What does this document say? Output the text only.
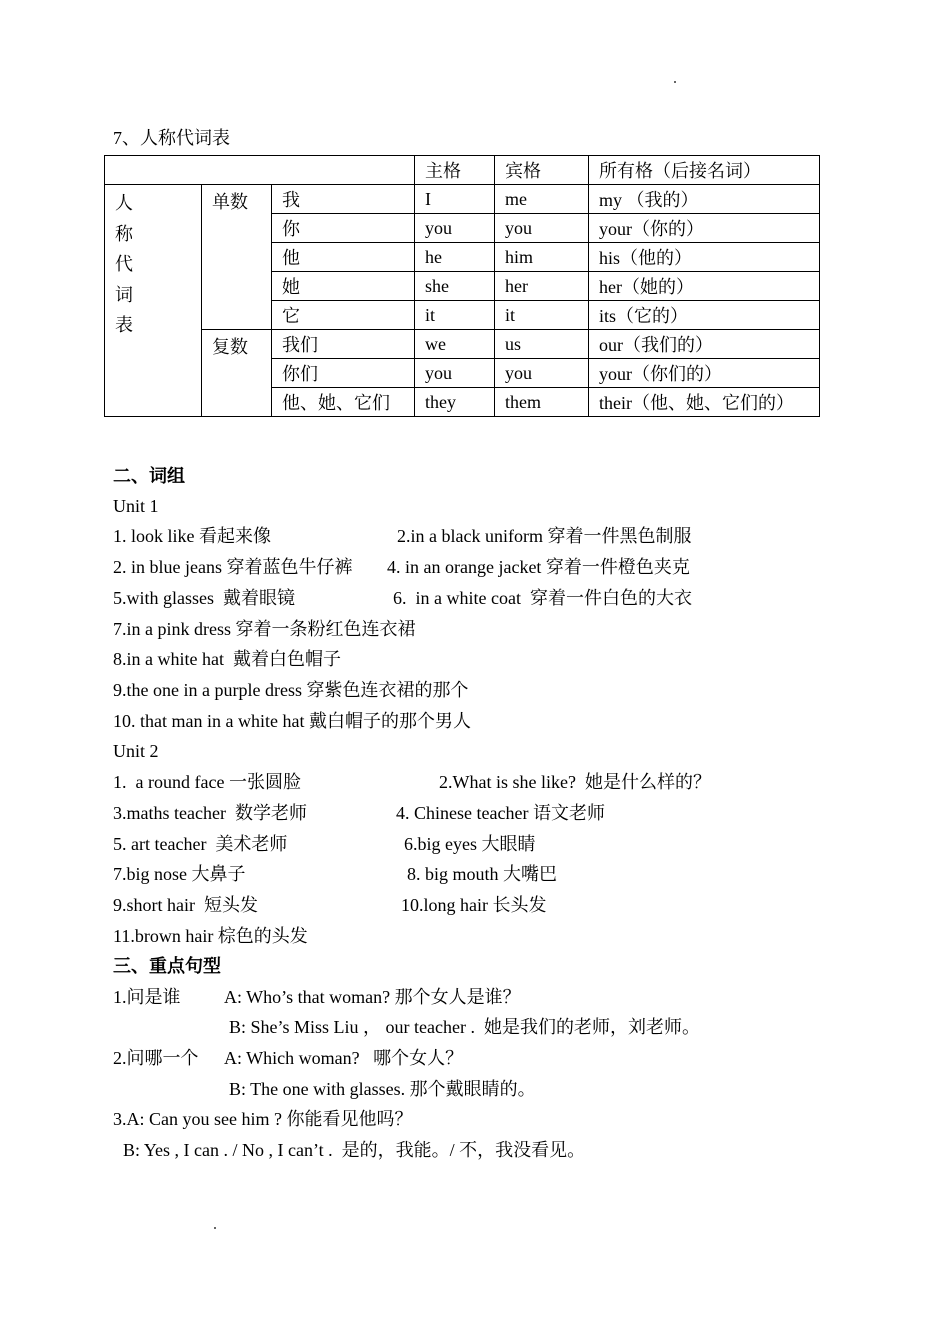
7、人称代词表
			主格	宾格	所有格（后接名词）

人
称
代
词
表	单数	我	I	me	my （我的）
		你	you	you	your（你的）
		他	he	him	his（他的）
		她	she	her	her（她的）
		它	it	it	its（它的）
	复数	我们	we	us	our（我们的）
		你们	you	you	your（你们的）
		他、她、它们	they	them	their（他、她、它们的）
二、词组
Unit 1
1. look like 看起来像	2.in a black uniform 穿着一件黑色制服
2. in blue jeans 穿着蓝色牛仔裤 4. in an orange jacket 穿着一件橙色夹克
5.with glasses  戴着眼镜	6.  in a white coat  穿着一件白色的大衣
7.in a pink dress 穿着一条粉红色连衣裙
8.in a white hat  戴着白色帽子
9.the one in a purple dress 穿紫色连衣裙的那个
10. that man in a white hat 戴白帽子的那个男人
Unit 2
1.  a round face 一张圆脸	2.What is she like?  她是什么样的？
3.maths teacher  数学老师	4. Chinese teacher 语文老师
5. art teacher  美术老师	6.big eyes 大眼睛
7.big nose 大鼻子	8. big mouth 大嘴巴
9.short hair  短头发	10.long hair 长头发
11.brown hair 棕色的头发
三、重点句型
1.问是谁 A: Who’s that woman? 那个女人是谁？
B: She’s Miss Liu ， our teacher .  她是我们的老师，刘老师。
2.问哪一个 A: Which woman?   哪个女人？
B: The one with glasses. 那个戴眼睛的。
3.A: Can you see him ? 你能看见他吗？
B: Yes , I can . / No , I can’t .  是的，我能。/ 不，我没看见。
